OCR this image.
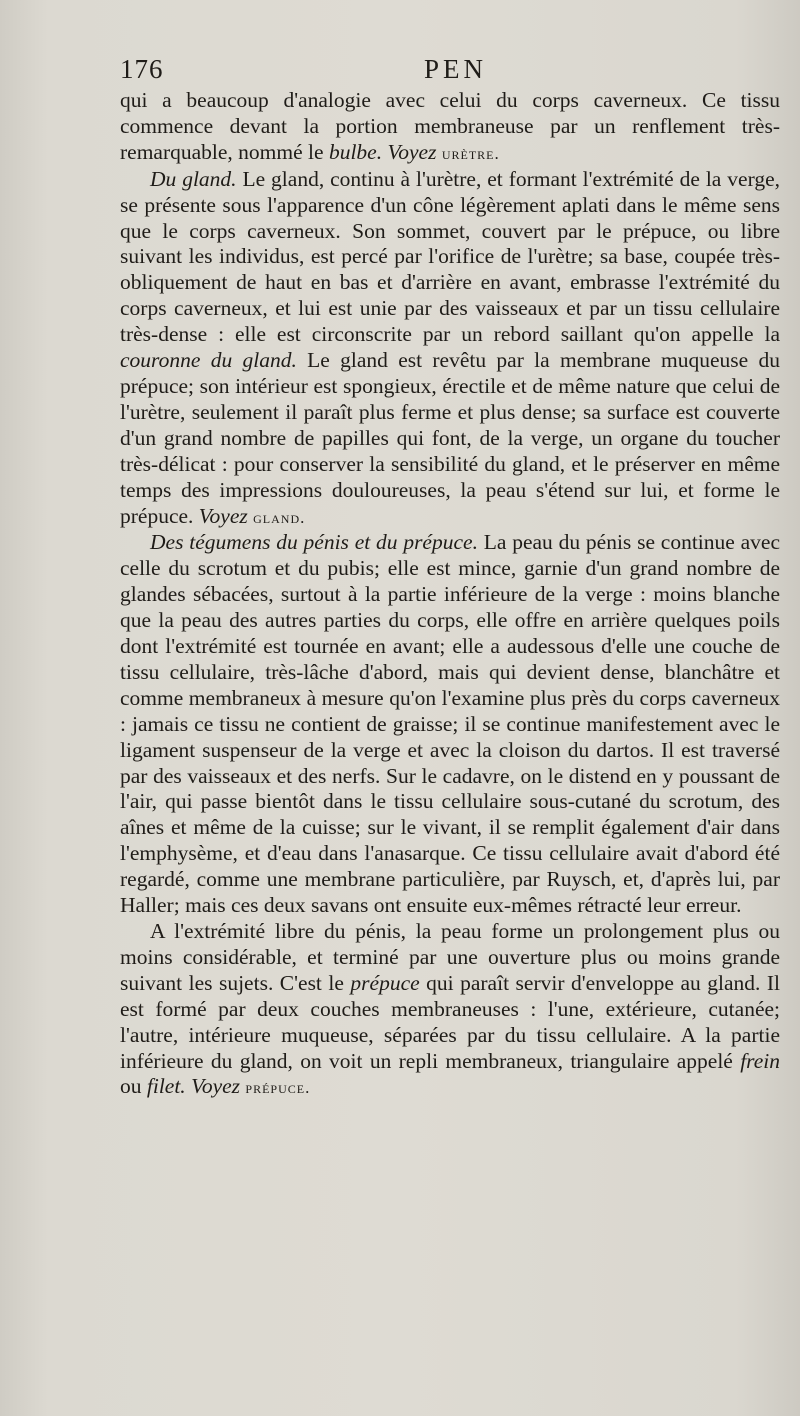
176	PEN

qui a beaucoup d'analogie avec celui du corps caverneux. Ce tissu commence devant la portion membraneuse par un renflement très-remarquable, nommé le bulbe. Voyez urètre.

Du gland. Le gland, continu à l'urètre, et formant l'extrémité de la verge, se présente sous l'apparence d'un cône légèrement aplati dans le même sens que le corps caverneux. Son sommet, couvert par le prépuce, ou libre suivant les individus, est percé par l'orifice de l'urètre; sa base, coupée très-obliquement de haut en bas et d'arrière en avant, embrasse l'extrémité du corps caverneux, et lui est unie par des vaisseaux et par un tissu cellulaire très-dense : elle est circonscrite par un rebord saillant qu'on appelle la couronne du gland. Le gland est revêtu par la membrane muqueuse du prépuce; son intérieur est spongieux, érectile et de même nature que celui de l'urètre, seulement il paraît plus ferme et plus dense; sa surface est couverte d'un grand nombre de papilles qui font, de la verge, un organe du toucher très-délicat : pour conserver la sensibilité du gland, et le préserver en même temps des impressions douloureuses, la peau s'étend sur lui, et forme le prépuce. Voyez gland.

Des tégumens du pénis et du prépuce. La peau du pénis se continue avec celle du scrotum et du pubis; elle est mince, garnie d'un grand nombre de glandes sébacées, surtout à la partie inférieure de la verge : moins blanche que la peau des autres parties du corps, elle offre en arrière quelques poils dont l'extrémité est tournée en avant; elle a audessous d'elle une couche de tissu cellulaire, très-lâche d'abord, mais qui devient dense, blanchâtre et comme membraneux à mesure qu'on l'examine plus près du corps caverneux : jamais ce tissu ne contient de graisse; il se continue manifestement avec le ligament suspenseur de la verge et avec la cloison du dartos. Il est traversé par des vaisseaux et des nerfs. Sur le cadavre, on le distend en y poussant de l'air, qui passe bientôt dans le tissu cellulaire sous-cutané du scrotum, des aînes et même de la cuisse; sur le vivant, il se remplit également d'air dans l'emphysème, et d'eau dans l'anasarque. Ce tissu cellulaire avait d'abord été regardé, comme une membrane particulière, par Ruysch, et, d'après lui, par Haller; mais ces deux savans ont ensuite eux-mêmes rétracté leur erreur.

A l'extrémité libre du pénis, la peau forme un prolongement plus ou moins considérable, et terminé par une ouverture plus ou moins grande suivant les sujets. C'est le prépuce qui paraît servir d'enveloppe au gland. Il est formé par deux couches membraneuses : l'une, extérieure, cutanée; l'autre, intérieure muqueuse, séparées par du tissu cellulaire. A la partie inférieure du gland, on voit un repli membraneux, triangulaire appelé frein ou filet. Voyez prépuce.
